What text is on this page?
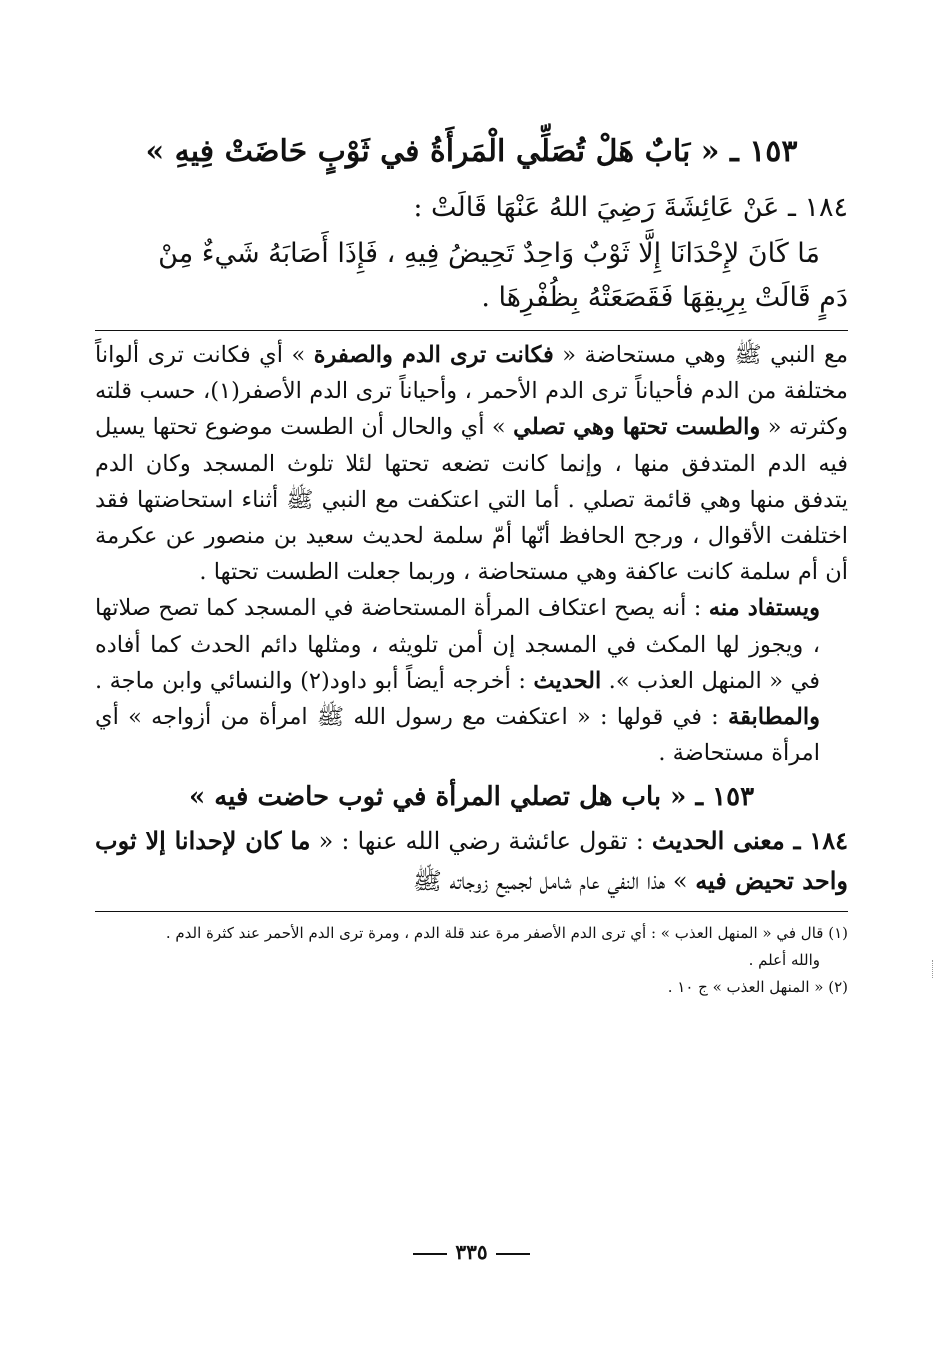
١٥٣ ـ « بَابٌ هَلْ تُصَلِّي الْمَرأَةُ في ثَوْبٍ حَاضَتْ فِيهِ »
١٨٤ ـ عَنْ عَائِشَةَ رَضِيَ اللهُ عَنْهَا قَالَتْ :
مَا كَانَ لإِحْدَانَا إِلَّا ثَوْبٌ وَاحِدٌ تَحِيضُ فِيهِ ، فَإِذَا أَصَابَهُ شَيءٌ مِنْ
دَمٍ قَالَتْ بِرِيقِهَا فَقَصَعَتْهُ بِظُفْرِهَا .

مع النبي ﷺ وهي مستحاضة « فكانت ترى الدم والصفرة » أي فكانت ترى ألواناً مختلفة من الدم فأحياناً ترى الدم الأحمر ، وأحياناً ترى الدم الأصفر(١)، حسب قلته وكثرته « والطست تحتها وهي تصلي » أي والحال أن الطست موضوع تحتها يسيل فيه الدم المتدفق منها ، وإنما كانت تضعه تحتها لئلا تلوث المسجد وكان الدم يتدفق منها وهي قائمة تصلي . أما التي اعتكفت مع النبي ﷺ أثناء استحاضتها فقد اختلفت الأقوال ، ورجح الحافظ أنّها أمّ سلمة لحديث سعيد بن منصور عن عكرمة أن أم سلمة كانت عاكفة وهي مستحاضة ، وربما جعلت الطست تحتها .

ويستفاد منه : أنه يصح اعتكاف المرأة المستحاضة في المسجد كما تصح صلاتها ، ويجوز لها المكث في المسجد إن أمن تلويثه ، ومثلها دائم الحدث كما أفاده في « المنهل العذب ». الحديث : أخرجه أيضاً أبو داود(٢) والنسائي وابن ماجة . والمطابقة : في قولها : « اعتكفت مع رسول الله ﷺ امرأة من أزواجه » أي امرأة مستحاضة .

١٥٣ ـ « باب هل تصلي المرأة في ثوب حاضت فيه »
١٨٤ ـ معنى الحديث : تقول عائشة رضي الله عنها : « ما كان لإحدانا إلا ثوب واحد تحيض فيه » هذا النفي عام شامل لجميع زوجاته ﷺ

(١) قال في « المنهل العذب » : أي ترى الدم الأصفر مرة عند قلة الدم ، ومرة ترى الدم الأحمر عند كثرة الدم .

والله أعلم .

(٢) « المنهل العذب » ج ١٠ .

٣٣٥
